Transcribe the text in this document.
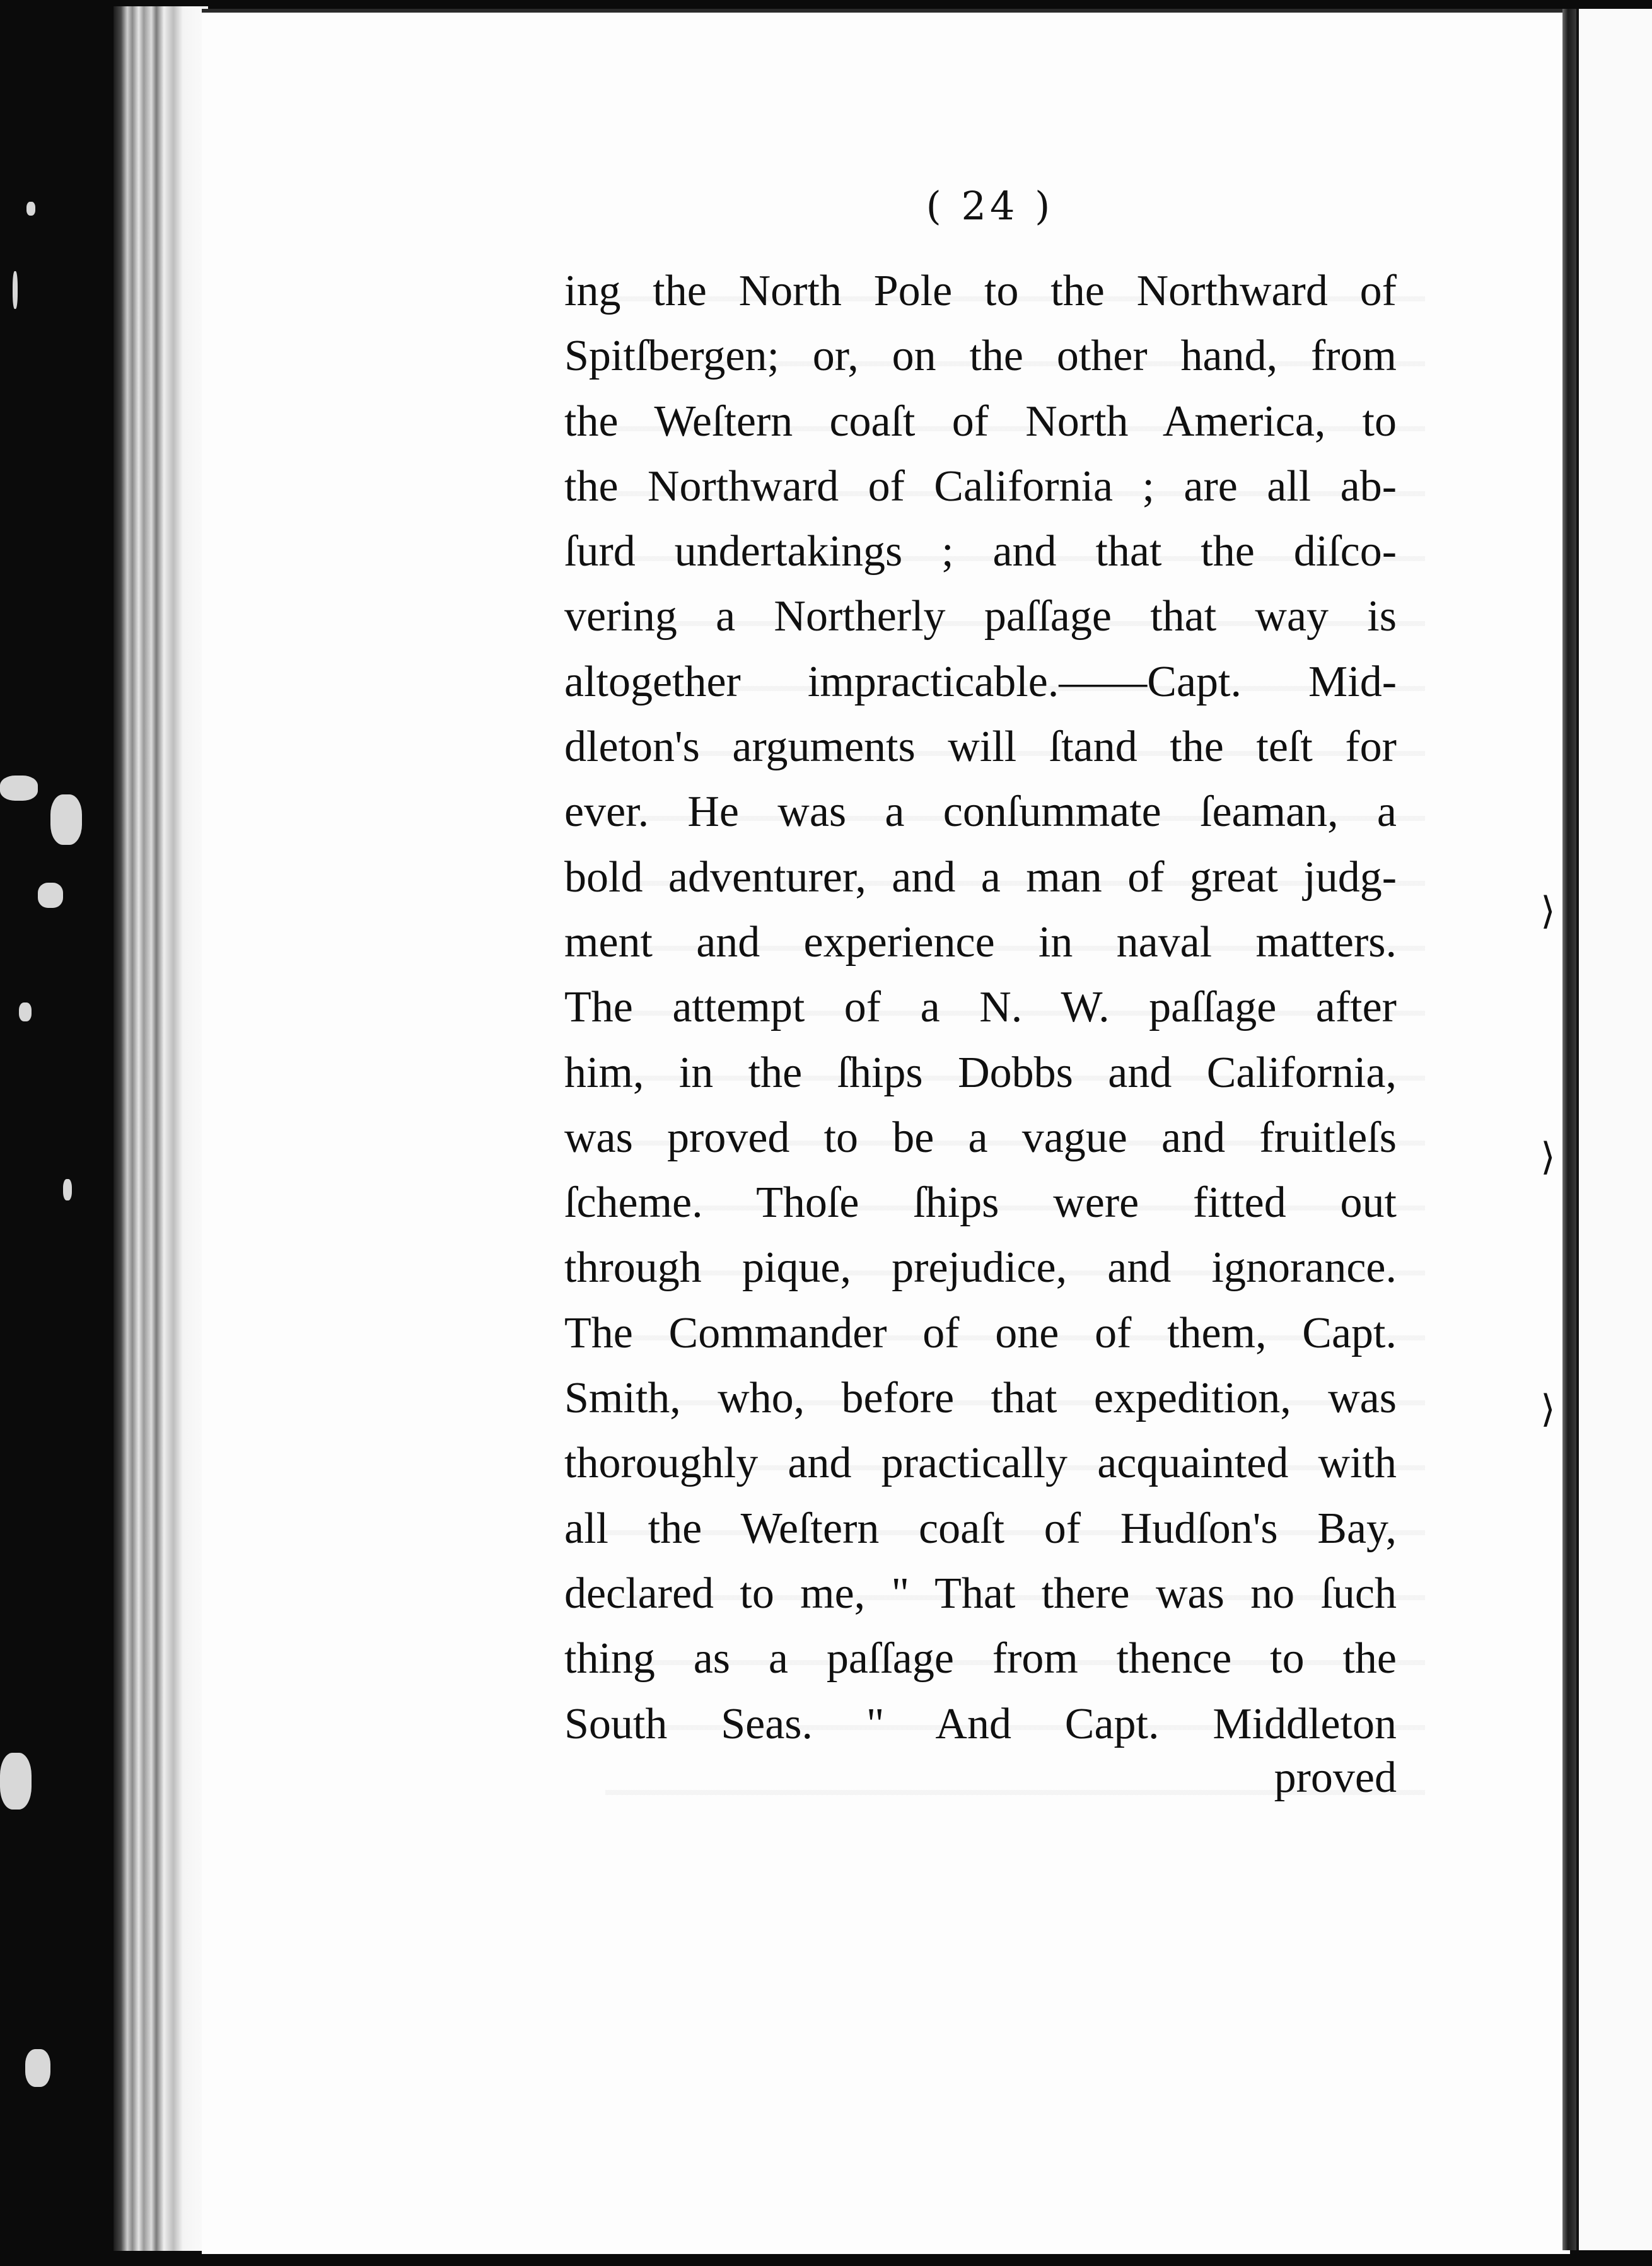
⟩
⟩
⟩
( 24 )
ing the North Pole to the Northward of
Spitſbergen; or, on the other hand, from
the Weſtern coaſt of North America, to
the Northward of California ; are all ab-
ſurd undertakings ; and that the diſco-
vering a Northerly paſſage that way is
altogether impracticable.——Capt. Mid-
dleton's arguments will ſtand the teſt for
ever. He was a conſummate ſeaman, a
bold adventurer, and a man of great judg-
ment and experience in naval matters.
The attempt of a N. W. paſſage after
him, in the ſhips Dobbs and California,
was proved to be a vague and fruitleſs
ſcheme. Thoſe ſhips were fitted out
through pique, prejudice, and ignorance.
The Commander of one of them, Capt.
Smith, who, before that expedition, was
thoroughly and practically acquainted with
all the Weſtern coaſt of Hudſon's Bay,
declared to me, " That there was no ſuch
thing as a paſſage from thence to the
South Seas. " And Capt. Middleton
proved
